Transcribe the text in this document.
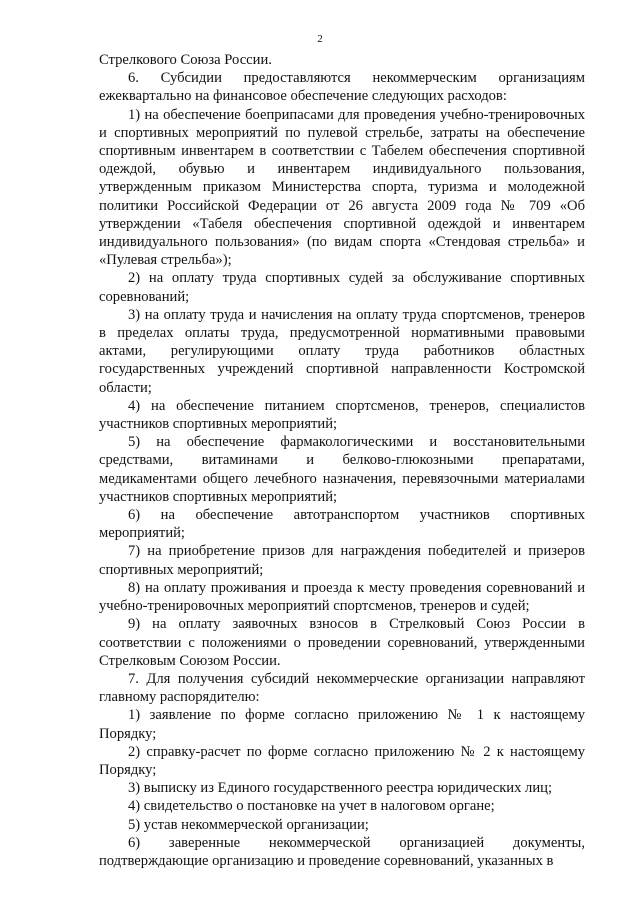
2

Стрелкового Союза России.

6. Субсидии предоставляются некоммерческим организациям ежеквартально на финансовое обеспечение следующих расходов:

1) на обеспечение боеприпасами для проведения учебно-тренировочных и спортивных мероприятий по пулевой стрельбе, затраты на обеспечение спортивным инвентарем в соответствии с Табелем обеспечения спортивной одеждой, обувью и инвентарем индивидуального пользования, утвержденным приказом Министерства спорта, туризма и молодежной политики Российской Федерации от 26 августа 2009 года № 709 «Об утверждении «Табеля обеспечения спортивной одеждой и инвентарем индивидуального пользования» (по видам спорта «Стендовая стрельба» и «Пулевая стрельба»);

2) на оплату труда спортивных судей за обслуживание спортивных соревнований;

3) на оплату труда и начисления на оплату труда спортсменов, тренеров в пределах оплаты труда, предусмотренной нормативными правовыми актами, регулирующими оплату труда работников областных государственных учреждений спортивной направленности Костромской области;

4) на обеспечение питанием спортсменов, тренеров, специалистов участников спортивных мероприятий;

5) на обеспечение фармакологическими и восстановительными средствами, витаминами и белково-глюкозными препаратами, медикаментами общего лечебного назначения, перевязочными материалами участников спортивных мероприятий;

6) на обеспечение автотранспортом участников спортивных мероприятий;

7) на приобретение призов для награждения победителей и призеров спортивных мероприятий;

8) на оплату проживания и проезда к месту проведения соревнований и учебно-тренировочных мероприятий спортсменов, тренеров и судей;

9) на оплату заявочных взносов в Стрелковый Союз России в соответствии с положениями о проведении соревнований, утвержденными Стрелковым Союзом России.

7. Для получения субсидий некоммерческие организации направляют главному распорядителю:

1) заявление по форме согласно приложению № 1 к настоящему Порядку;

2) справку-расчет по форме согласно приложению № 2 к настоящему Порядку;

3) выписку из Единого государственного реестра юридических лиц;

4) свидетельство о постановке на учет в налоговом органе;

5) устав некоммерческой организации;

6) заверенные некоммерческой организацией документы, подтверждающие организацию и проведение соревнований, указанных в
